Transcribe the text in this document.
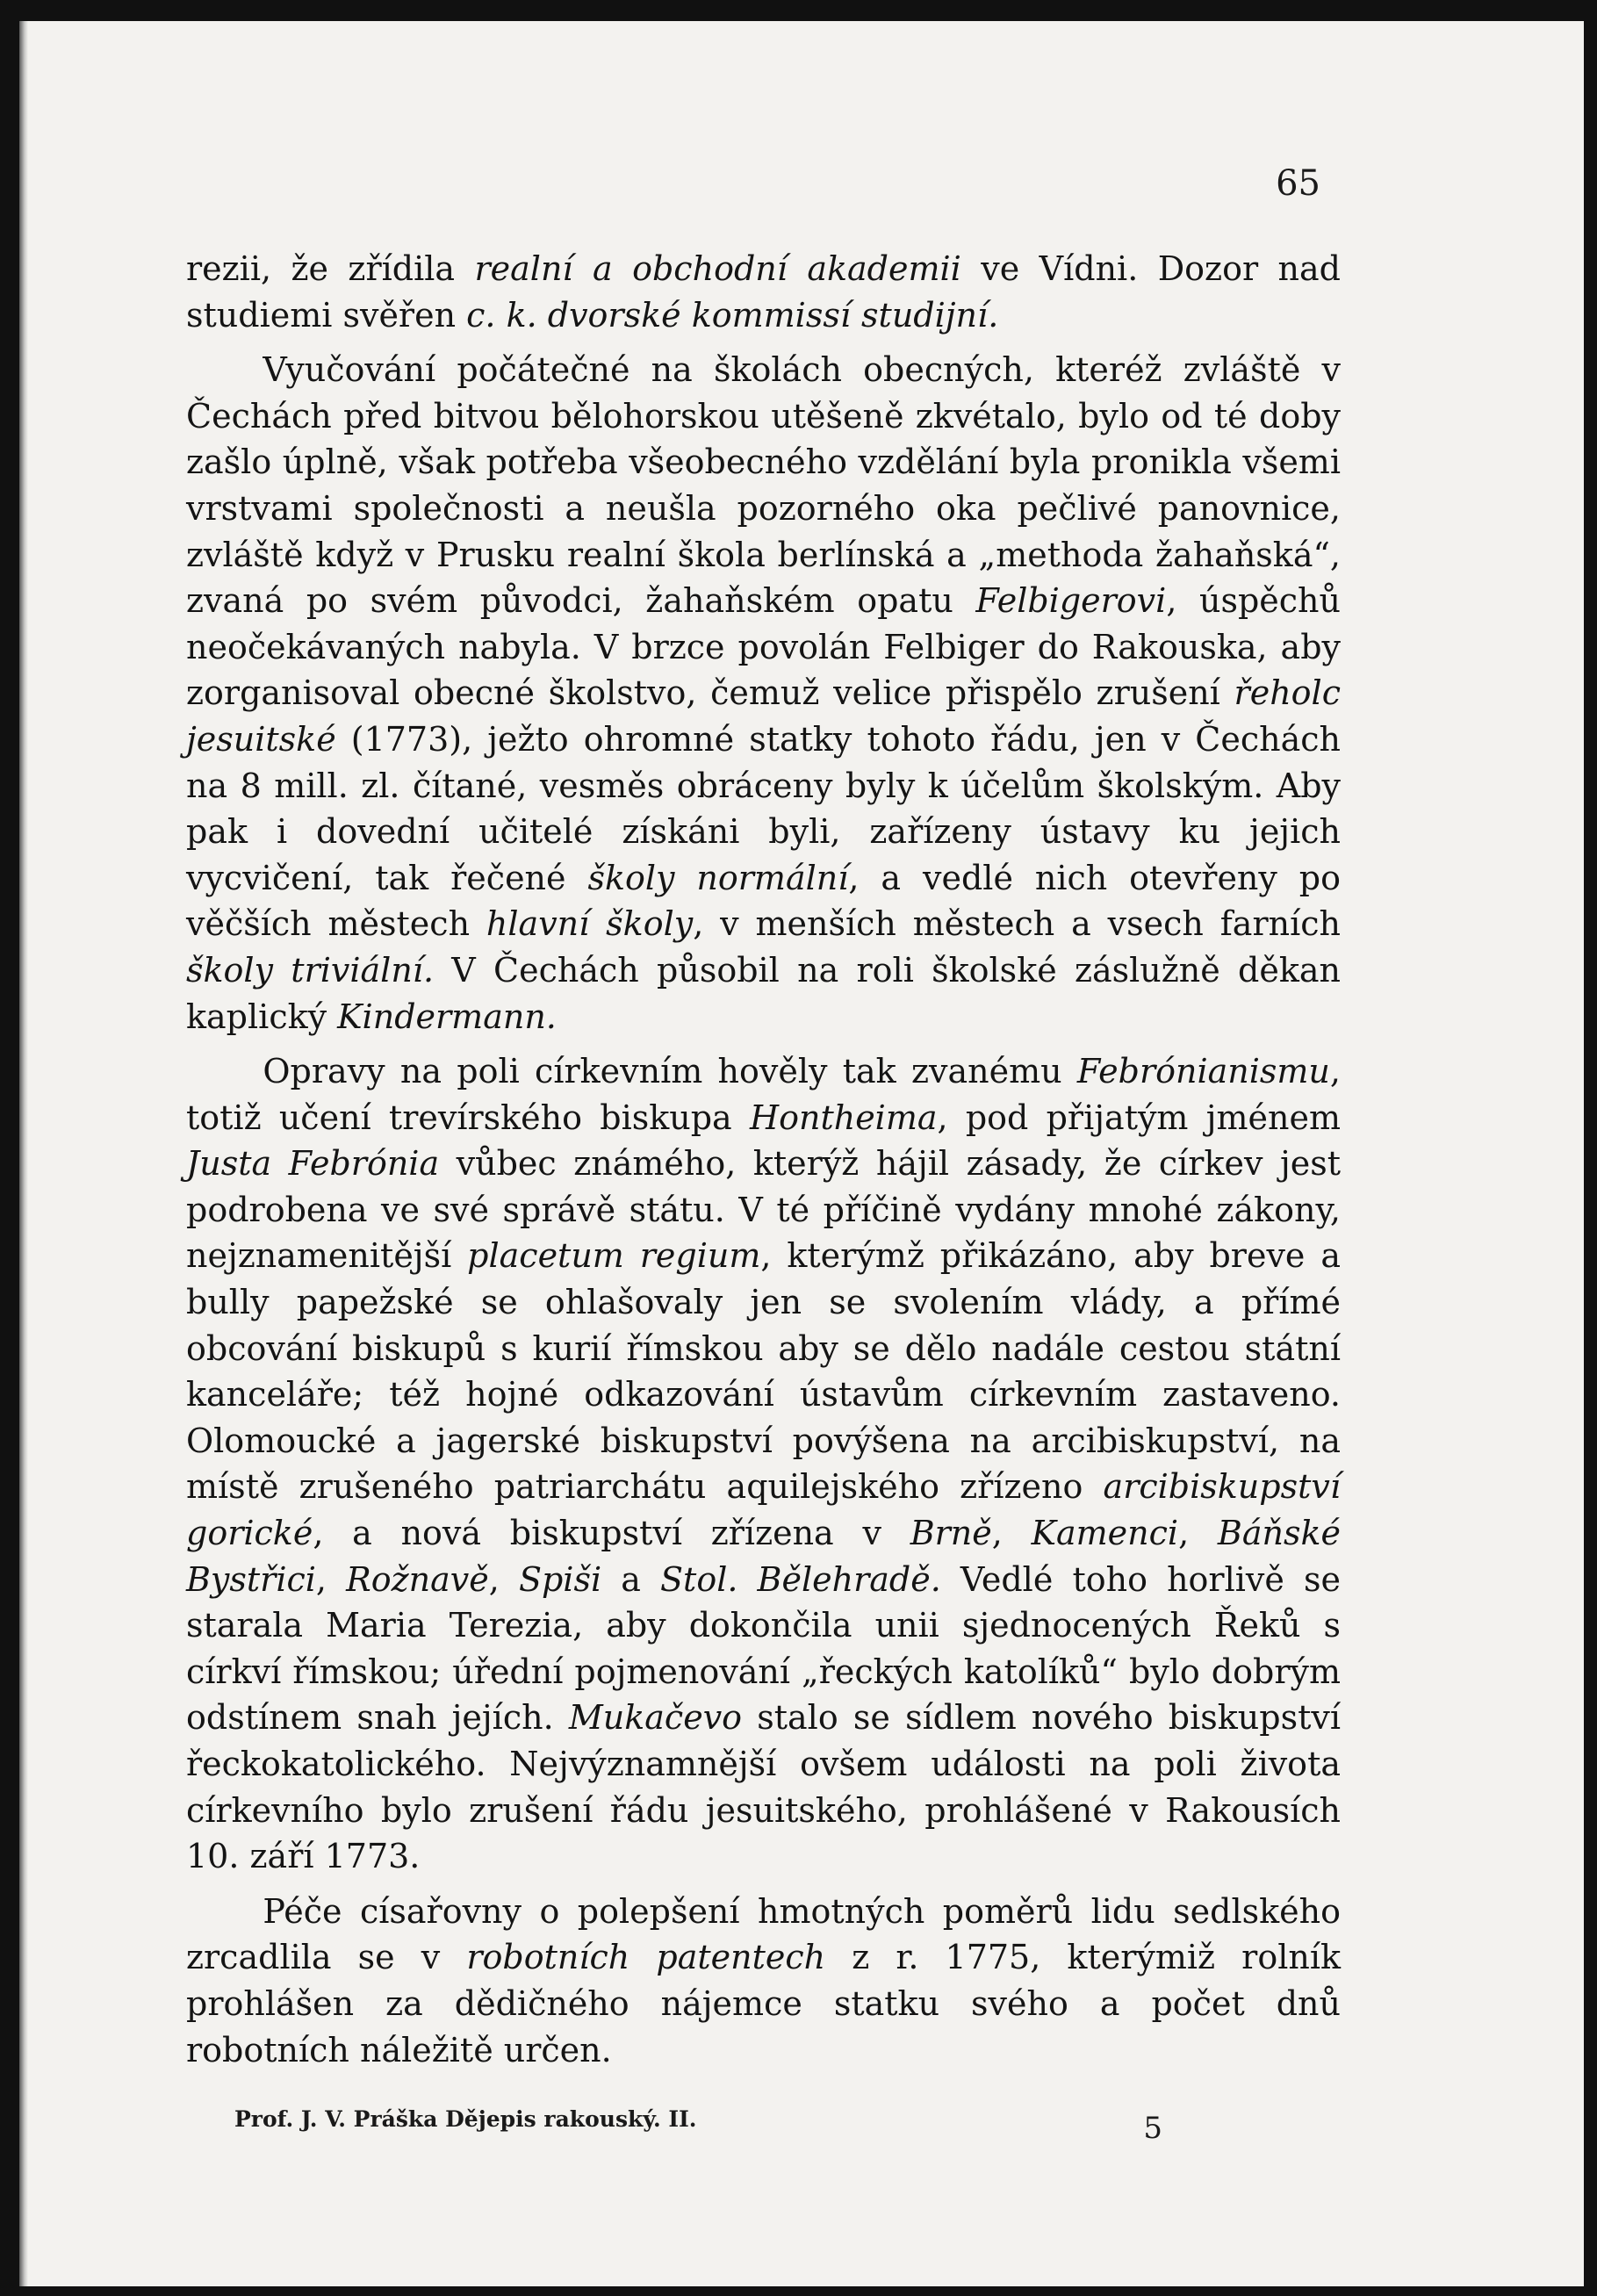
65

rezii, že zřídila realní a obchodní akademii ve Vídni. Dozor nad studiemi svěřen c. k. dvorské kommissí studijní.

Vyučování počátečné na školách obecných, kteréž zvláště v Čechách před bitvou bělohorskou utěšeně zkvétalo, bylo od té doby zašlo úplně, však potřeba všeobecného vzdělání byla pronikla všemi vrstvami společnosti a neušla pozorného oka pečlivé panovnice, zvláště když v Prusku realní škola berlínská a „methoda žahaňská“, zvaná po svém původci, žahaňském opatu Felbigerovi, úspěchů neočekávaných nabyla. V brzce povolán Felbiger do Rakouska, aby zorganisoval obecné školstvo, čemuž velice přispělo zrušení řeholc jesuitské (1773), ježto ohromné statky tohoto řádu, jen v Čechách na 8 mill. zl. čítané, vesměs obráceny byly k účelům školským. Aby pak i dovední učitelé získáni byli, zařízeny ústavy ku jejich vycvičení, tak řečené školy normální, a vedlé nich otevřeny po věčších městech hlavní školy, v menších městech a vsech farních školy triviální. V Čechách působil na roli školské záslužně děkan kaplický Kindermann.

Opravy na poli církevním hověly tak zvanému Febrónianismu, totiž učení trevírského biskupa Hontheima, pod přijatým jménem Justa Febrónia vůbec známého, kterýž hájil zásady, že církev jest podrobena ve své správě státu. V té příčině vydány mnohé zákony, nejznamenitější placetum regium, kterýmž přikázáno, aby breve a bully papežské se ohlašovaly jen se svolením vlády, a přímé obcování biskupů s kurií římskou aby se dělo nadále cestou státní kanceláře; též hojné odkazování ústavům církevním zastaveno. Olomoucké a jagerské biskupství povýšena na arcibiskupství, na místě zrušeného patriarchátu aquilejského zřízeno arcibiskupství gorické, a nová biskupství zřízena v Brně, Kamenci, Báňské Bystřici, Rožnavě, Spiši a Stol. Bělehradě. Vedlé toho horlivě se starala Maria Terezia, aby dokončila unii sjednocených Řeků s církví římskou; úřední pojmenování „řeckých katolíků“ bylo dobrým odstínem snah jejích. Mukačevo stalo se sídlem nového biskupství řeckokatolického. Nejvýznamnější ovšem události na poli života církevního bylo zrušení řádu jesuitského, prohlášené v Rakousích 10. září 1773.

Péče císařovny o polepšení hmotných poměrů lidu sedlského zrcadlila se v robotních patentech z r. 1775, kterýmiž rolník prohlášen za dědičného nájemce statku svého a počet dnů robotních náležitě určen.

Prof. J. V. Práška Dějepis rakouský. II.	5
